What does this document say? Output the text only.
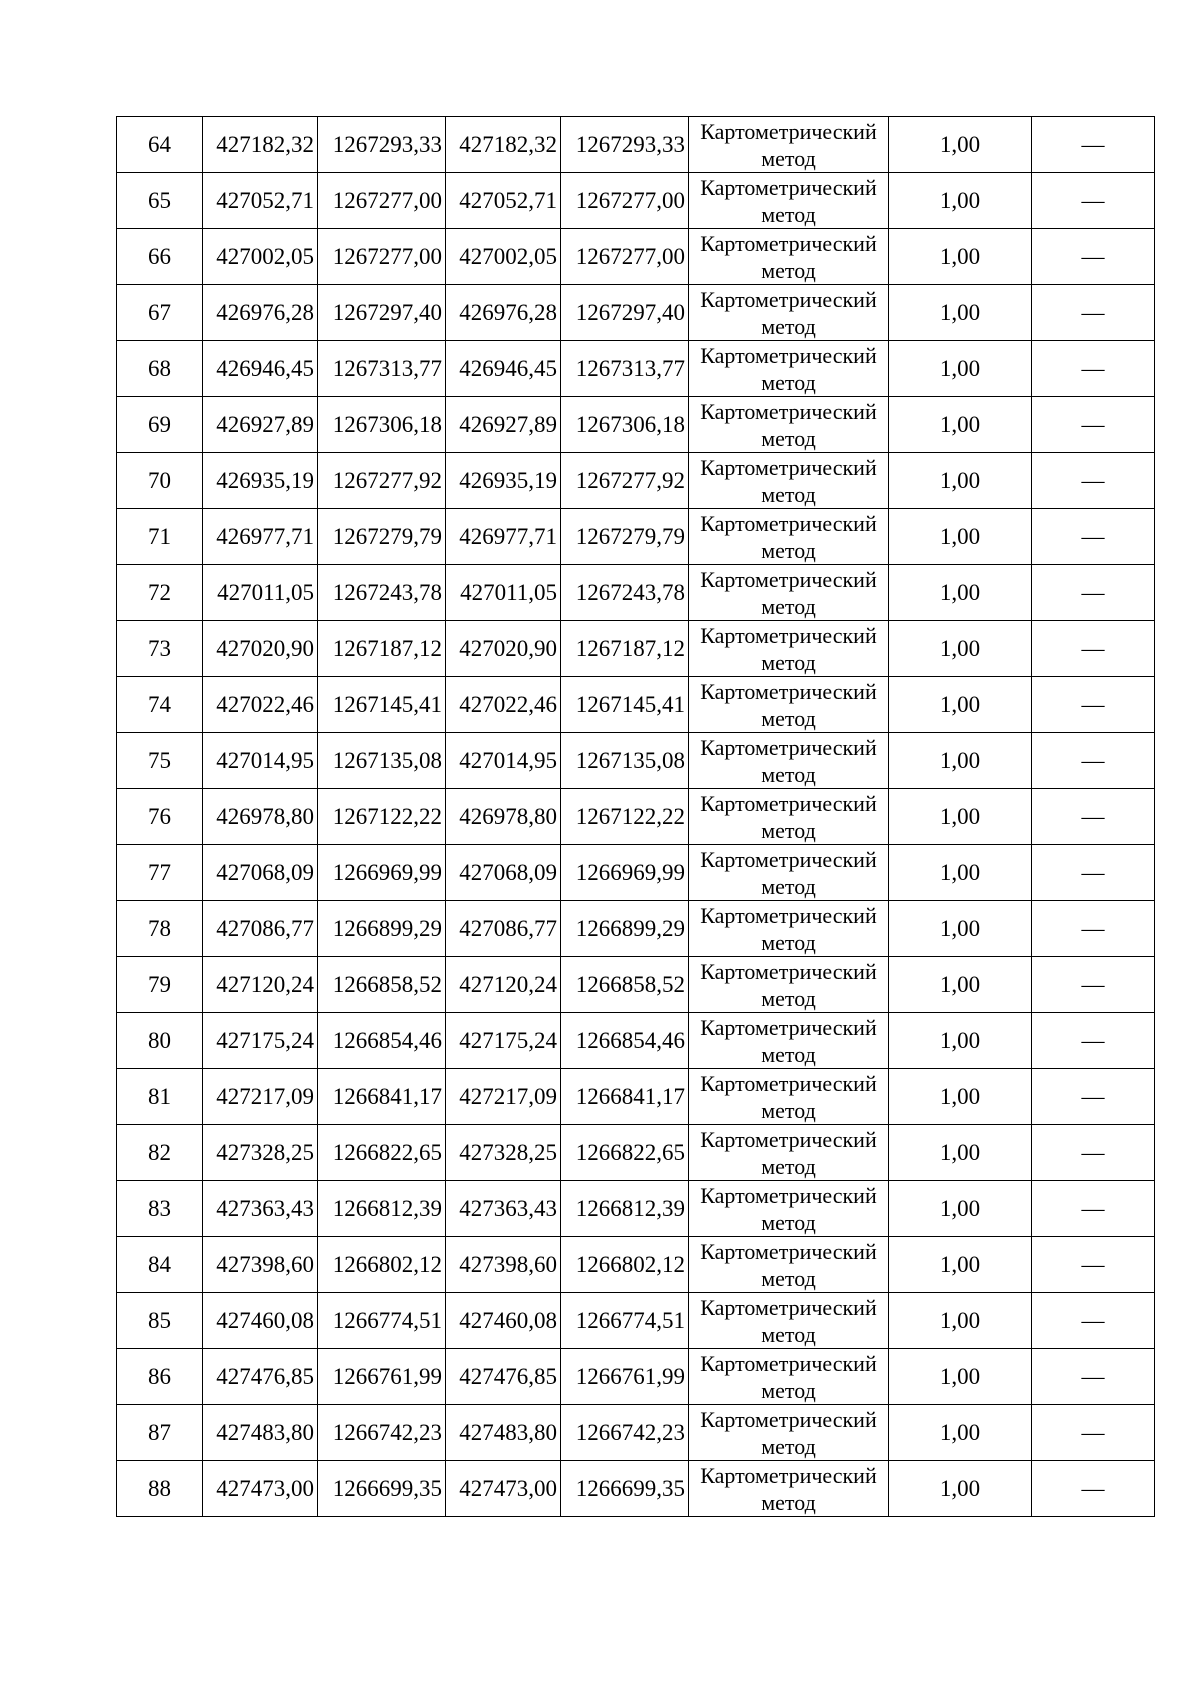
64	427182,32	1267293,33	427182,32	1267293,33	Картометрический метод	1,00	—
65	427052,71	1267277,00	427052,71	1267277,00	Картометрический метод	1,00	—
66	427002,05	1267277,00	427002,05	1267277,00	Картометрический метод	1,00	—
67	426976,28	1267297,40	426976,28	1267297,40	Картометрический метод	1,00	—
68	426946,45	1267313,77	426946,45	1267313,77	Картометрический метод	1,00	—
69	426927,89	1267306,18	426927,89	1267306,18	Картометрический метод	1,00	—
70	426935,19	1267277,92	426935,19	1267277,92	Картометрический метод	1,00	—
71	426977,71	1267279,79	426977,71	1267279,79	Картометрический метод	1,00	—
72	427011,05	1267243,78	427011,05	1267243,78	Картометрический метод	1,00	—
73	427020,90	1267187,12	427020,90	1267187,12	Картометрический метод	1,00	—
74	427022,46	1267145,41	427022,46	1267145,41	Картометрический метод	1,00	—
75	427014,95	1267135,08	427014,95	1267135,08	Картометрический метод	1,00	—
76	426978,80	1267122,22	426978,80	1267122,22	Картометрический метод	1,00	—
77	427068,09	1266969,99	427068,09	1266969,99	Картометрический метод	1,00	—
78	427086,77	1266899,29	427086,77	1266899,29	Картометрический метод	1,00	—
79	427120,24	1266858,52	427120,24	1266858,52	Картометрический метод	1,00	—
80	427175,24	1266854,46	427175,24	1266854,46	Картометрический метод	1,00	—
81	427217,09	1266841,17	427217,09	1266841,17	Картометрический метод	1,00	—
82	427328,25	1266822,65	427328,25	1266822,65	Картометрический метод	1,00	—
83	427363,43	1266812,39	427363,43	1266812,39	Картометрический метод	1,00	—
84	427398,60	1266802,12	427398,60	1266802,12	Картометрический метод	1,00	—
85	427460,08	1266774,51	427460,08	1266774,51	Картометрический метод	1,00	—
86	427476,85	1266761,99	427476,85	1266761,99	Картометрический метод	1,00	—
87	427483,80	1266742,23	427483,80	1266742,23	Картометрический метод	1,00	—
88	427473,00	1266699,35	427473,00	1266699,35	Картометрический метод	1,00	—
